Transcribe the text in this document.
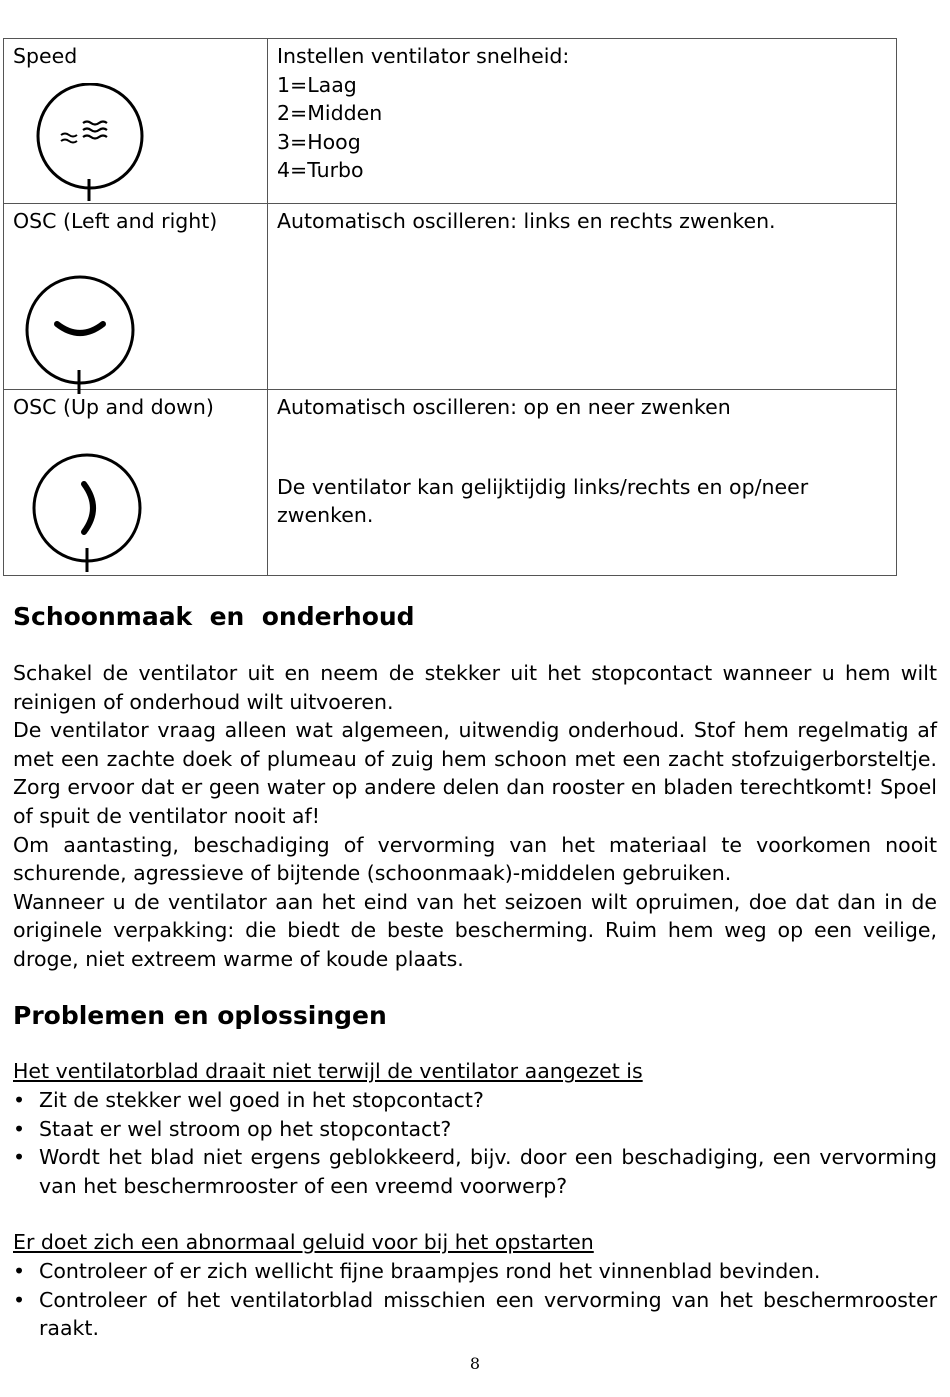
Speed	Instellen ventilator snelheid:
1=Laag
2=Midden
3=Hoog
4=Turbo

OSC (Left and right)	Automatisch oscilleren: links en rechts zwenken.

OSC (Up and down)	Automatisch oscilleren: op en neer zwenken
De ventilator kan gelijktijdig links/rechts en op/neer zwenken.
Schoonmaak  en  onderhoud

Schakel de ventilator uit en neem de stekker uit het stopcontact wanneer u hem wilt reinigen of onderhoud wilt uitvoeren.

De ventilator vraag alleen wat algemeen, uitwendig onderhoud. Stof hem regelmatig af met een zachte doek of plumeau of zuig hem schoon met een zacht stofzuigerborsteltje. Zorg ervoor dat er geen water op andere delen dan rooster en bladen terechtkomt! Spoel of spuit de ventilator nooit af!

Om aantasting, beschadiging of vervorming van het materiaal te voorkomen nooit schurende, agressieve of bijtende (schoonmaak)-middelen gebruiken.

Wanneer u de ventilator aan het eind van het seizoen wilt opruimen, doe dat dan in de originele verpakking: die biedt de beste bescherming. Ruim hem weg op een veilige, droge, niet extreem warme of koude plaats.

Problemen en oplossingen
Het ventilatorblad draait niet terwijl de ventilator aangezet is
• Zit de stekker wel goed in het stopcontact?
• Staat er wel stroom op het stopcontact?
• Wordt het blad niet ergens geblokkeerd, bijv. door een beschadiging, een vervorming van het beschermrooster of een vreemd voorwerp?
Er doet zich een abnormaal geluid voor bij het opstarten
• Controleer of er zich wellicht fijne braampjes rond het vinnenblad bevinden.
• Controleer of het ventilatorblad misschien een vervorming van het beschermrooster raakt.
8
